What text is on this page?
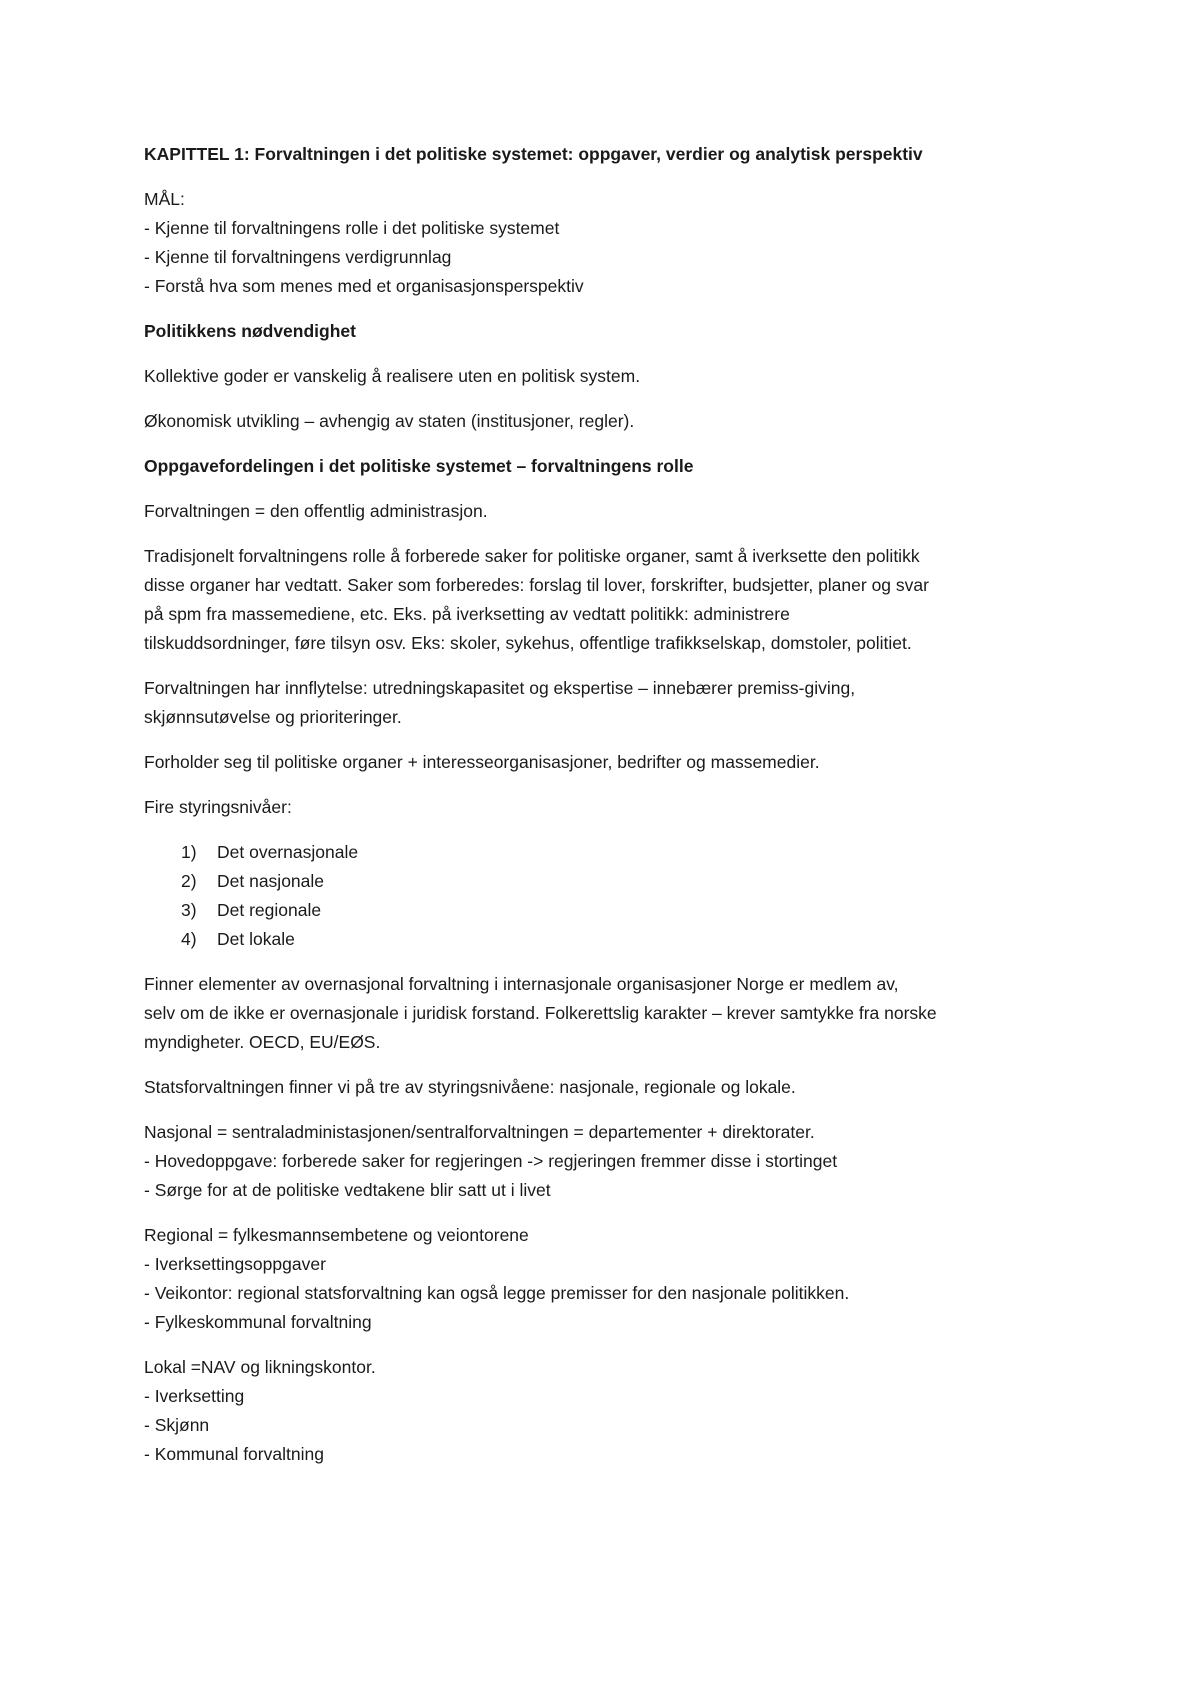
KAPITTEL 1: Forvaltningen i det politiske systemet: oppgaver, verdier og analytisk perspektiv
MÅL:
- Kjenne til forvaltningens rolle i det politiske systemet
- Kjenne til forvaltningens verdigrunnlag
- Forstå hva som menes med et organisasjonsperspektiv
Politikkens nødvendighet
Kollektive goder er vanskelig å realisere uten en politisk system.
Økonomisk utvikling – avhengig av staten (institusjoner, regler).
Oppgavefordelingen i det politiske systemet – forvaltningens rolle
Forvaltningen = den offentlig administrasjon.
Tradisjonelt forvaltningens rolle å forberede saker for politiske organer, samt å iverksette den politikk
disse organer har vedtatt. Saker som forberedes: forslag til lover, forskrifter, budsjetter, planer og svar
på spm fra massemediene, etc. Eks. på iverksetting av vedtatt politikk: administrere
tilskuddsordninger, føre tilsyn osv. Eks: skoler, sykehus, offentlige trafikkselskap, domstoler, politiet.
Forvaltningen har innflytelse: utredningskapasitet og ekspertise – innebærer premiss-giving,
skjønnsutøvelse og prioriteringer.
Forholder seg til politiske organer + interesseorganisasjoner, bedrifter og massemedier.
Fire styringsnivåer:
1) Det overnasjonale
2) Det nasjonale
3) Det regionale
4) Det lokale
Finner elementer av overnasjonal forvaltning i internasjonale organisasjoner Norge er medlem av,
selv om de ikke er overnasjonale i juridisk forstand. Folkerettslig karakter – krever samtykke fra norske
myndigheter. OECD, EU/EØS.
Statsforvaltningen finner vi på tre av styringsnivåene: nasjonale, regionale og lokale.
Nasjonal = sentraladministasjonen/sentralforvaltningen = departementer + direktorater.
- Hovedoppgave: forberede saker for regjeringen -> regjeringen fremmer disse i stortinget
- Sørge for at de politiske vedtakene blir satt ut i livet
Regional = fylkesmannsembetene og veiontorene
- Iverksettingsoppgaver
- Veikontor: regional statsforvaltning kan også legge premisser for den nasjonale politikken.
- Fylkeskommunal forvaltning
Lokal =NAV og likningskontor.
- Iverksetting
- Skjønn
- Kommunal forvaltning
